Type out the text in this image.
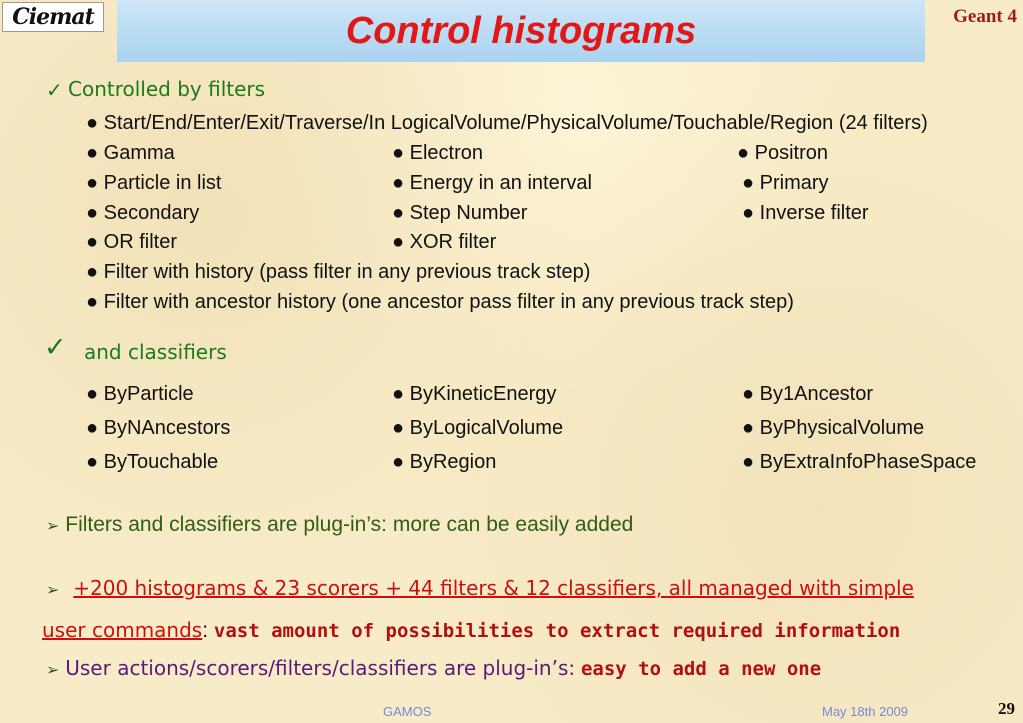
Ciemat	Control histograms	Geant 4
✓ Controlled by filters
● Start/End/Enter/Exit/Traverse/In LogicalVolume/PhysicalVolume/Touchable/Region (24 filters)
● Gamma	● Electron	● Positron
● Particle in list	● Energy in an interval	● Primary
● Secondary	● Step Number	● Inverse filter
● OR filter	● XOR filter
● Filter with history (pass filter in any previous track step)
● Filter with ancestor history (one ancestor pass filter in any previous track step)
✓ and classifiers
● ByParticle	● ByKineticEnergy	● By1Ancestor
● ByNAncestors	● ByLogicalVolume	● ByPhysicalVolume
● ByTouchable	● ByRegion	● ByExtraInfoPhaseSpace
➢ Filters and classifiers are plug-in’s: more can be easily added
➢ +200 histograms & 23 scorers + 44 filters & 12 classifiers, all managed with simple
user commands: vast amount of possibilities to extract required information
➢ User actions/scorers/filters/classifiers are plug-in’s: easy to add a new one
GAMOS	May 18th 2009	29
